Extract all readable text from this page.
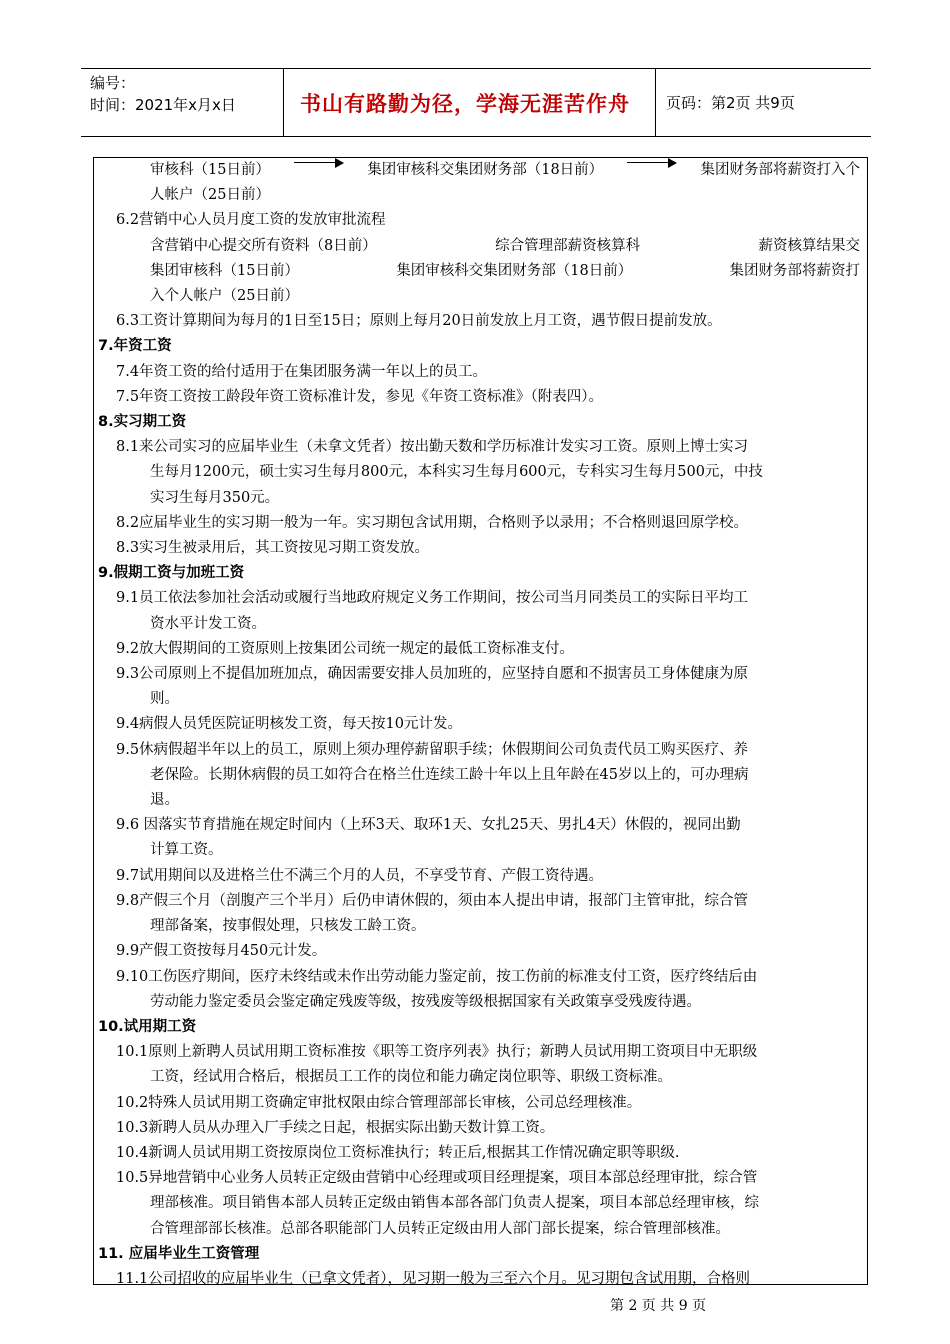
编号：
时间：2021年x月x日	书山有路勤为径，学海无涯苦作舟 页码：第2页 共9页
审核科（15日前）	集团审核科交集团财务部（18日前）	集团财务部将薪资打入个
人帐户（25日前）
6.2营销中心人员月度工资的发放审批流程
含营销中心提交所有资料（8日前）	综合管理部薪资核算科	薪资核算结果交
集团审核科（15日前）	集团审核科交集团财务部（18日前）	集团财务部将薪资打
入个人帐户（25日前）
6.3工资计算期间为每月的1日至15日；原则上每月20日前发放上月工资，遇节假日提前发放。
7.年资工资
7.4年资工资的给付适用于在集团服务满一年以上的员工。
7.5年资工资按工龄段年资工资标准计发，参见《年资工资标准》（附表四）。
8.实习期工资
8.1来公司实习的应届毕业生（未拿文凭者）按出勤天数和学历标准计发实习工资。原则上博士实习
生每月1200元，硕士实习生每月800元，本科实习生每月600元，专科实习生每月500元，中技
实习生每月350元。
8.2应届毕业生的实习期一般为一年。实习期包含试用期，合格则予以录用；不合格则退回原学校。
8.3实习生被录用后，其工资按见习期工资发放。
9.假期工资与加班工资
9.1员工依法参加社会活动或履行当地政府规定义务工作期间，按公司当月同类员工的实际日平均工
资水平计发工资。
9.2放大假期间的工资原则上按集团公司统一规定的最低工资标准支付。
9.3公司原则上不提倡加班加点，确因需要安排人员加班的，应坚持自愿和不损害员工身体健康为原
则。
9.4病假人员凭医院证明核发工资，每天按10元计发。
9.5休病假超半年以上的员工，原则上须办理停薪留职手续；休假期间公司负责代员工购买医疗、养
老保险。长期休病假的员工如符合在格兰仕连续工龄十年以上且年龄在45岁以上的，可办理病
退。
9.6 因落实节育措施在规定时间内（上环3天、取环1天、女扎25天、男扎4天）休假的，视同出勤
计算工资。
9.7试用期间以及进格兰仕不满三个月的人员，不享受节育、产假工资待遇。
9.8产假三个月（剖腹产三个半月）后仍申请休假的，须由本人提出申请，报部门主管审批，综合管
理部备案，按事假处理，只核发工龄工资。
9.9产假工资按每月450元计发。
9.10工伤医疗期间，医疗未终结或未作出劳动能力鉴定前，按工伤前的标准支付工资，医疗终结后由
劳动能力鉴定委员会鉴定确定残废等级，按残废等级根据国家有关政策享受残废待遇。
10.试用期工资
10.1原则上新聘人员试用期工资标准按《职等工资序列表》执行；新聘人员试用期工资项目中无职级
工资，经试用合格后，根据员工工作的岗位和能力确定岗位职等、职级工资标准。
10.2特殊人员试用期工资确定审批权限由综合管理部部长审核，公司总经理核准。
10.3新聘人员从办理入厂手续之日起，根据实际出勤天数计算工资。
10.4新调人员试用期工资按原岗位工资标准执行；转正后,根据其工作情况确定职等职级.
10.5异地营销中心业务人员转正定级由营销中心经理或项目经理提案，项目本部总经理审批，综合管
理部核准。项目销售本部人员转正定级由销售本部各部门负责人提案，项目本部总经理审核，综
合管理部部长核准。总部各职能部门人员转正定级由用人部门部长提案，综合管理部核准。
11. 应届毕业生工资管理
11.1公司招收的应届毕业生（已拿文凭者），见习期一般为三至六个月。见习期包含试用期，合格则
第 2 页 共 9 页
